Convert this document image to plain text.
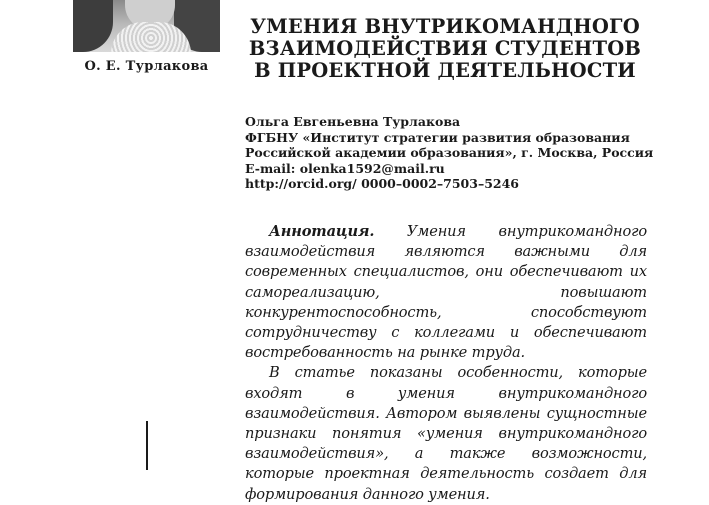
О. Е. Турлакова
УМЕНИЯ ВНУТРИКОМАНДНОГО
ВЗАИМОДЕЙСТВИЯ СТУДЕНТОВ
В ПРОЕКТНОЙ ДЕЯТЕЛЬНОСТИ
Ольга Евгеньевна Турлакова
ФГБНУ «Институт стратегии развития образования
Российской академии образования», г. Москва, Россия
E-mail: olenka1592@mail.ru
http://orcid.org/ 0000–0002–7503–5246

Аннотация. Умения внутрикомандного взаимодействия являются важными для современных специалистов, они обеспечивают их самореализацию, повышают конкурентоспособность, способствуют сотрудничеству с коллегами и обеспечивают востребованность на рынке труда.

В статье показаны особенности, которые входят в умения внутрикомандного взаимодействия. Автором выявлены сущностные признаки понятия «умения внутрикомандного взаимодействия», а также возможности, которые проектная деятельность создает для формирования данного умения.
